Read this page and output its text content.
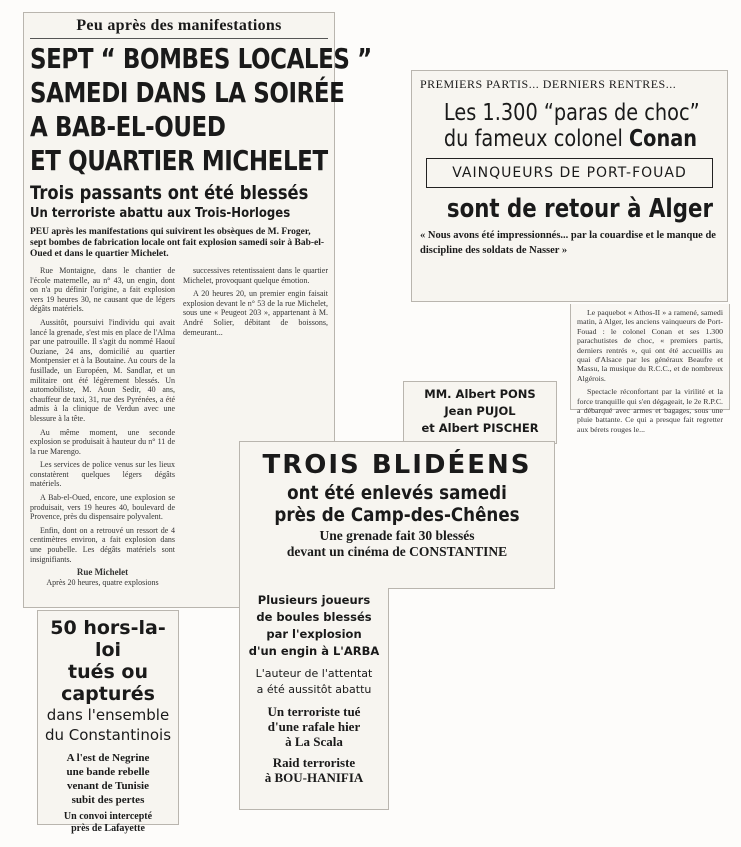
Peu après des manifestations
SEPT “ BOMBES LOCALES ”
SAMEDI DANS LA SOIRÉE
A BAB-EL-OUED
ET QUARTIER MICHELET
Trois passants ont été blessés
Un terroriste abattu aux Trois-Horloges
PEU après les manifestations qui suivirent les obsèques de M. Froger, sept bombes de fabrication locale ont fait explosion samedi soir à Bab-el-Oued et dans le quartier Michelet.

Rue Montaigne, dans le chantier de l'école maternelle, au n° 43, un engin, dont on n'a pu définir l'origine, a fait explosion vers 19 heures 30, ne causant que de légers dégâts matériels.

Aussitôt, poursuivi l'individu qui avait lancé la grenade, s'est mis en place de l'Alma par une patrouille. Il s'agit du nommé Haouï Ouziane, 24 ans, domicilié au quartier Montpensier et à la Boutaine. Au cours de la fusillade, un Européen, M. Sandlar, et un militaire ont été légèrement blessés. Un automobiliste, M. Aoun Sedir, 40 ans, chauffeur de taxi, 31, rue des Pyrénées, a été admis à la clinique de Verdun avec une blessure à la tête.

Au même moment, une seconde explosion se produisait à hauteur du n° 11 de la rue Marengo.

Les services de police venus sur les lieux constatèrent quelques légers dégâts matériels.

A Bab-el-Oued, encore, une explosion se produisait, vers 19 heures 40, boulevard de Provence, près du dispensaire polyvalent.

Enfin, dont on a retrouvé un ressort de 4 centimètres environ, a fait explosion dans une poubelle. Les dégâts matériels sont insignifiants.

Rue Michelet
Après 20 heures, quatre explosions

successives retentissaient dans le quartier Michelet, provoquant quelque émotion.

A 20 heures 20, un premier engin faisait explosion devant le n° 53 de la rue Michelet, sous une « Peugeot 203 », appartenant à M. André Solier, débitant de boissons, demeurant...

50 hors-la-loi
tués ou capturés
dans l'ensemble
du Constantinois
A l'est de Negrine
une bande rebelle
venant de Tunisie
subit des pertes
Un convoi intercepté
près de Lafayette
PREMIERS PARTIS... DERNIERS RENTRES...
Les 1.300 “paras de choc”
du fameux colonel Conan
VAINQUEURS DE PORT-FOUAD
sont de retour à Alger
« Nous avons été impressionnés... par la couardise et le manque de discipline des soldats de Nasser »

Le paquebot « Athos-II » a ramené, samedi matin, à Alger, les anciens vainqueurs de Port-Fouad : le colonel Conan et ses 1.300 parachutistes de choc, « premiers partis, derniers rentrés », qui ont été accueillis au quai d'Alsace par les généraux Beaufre et Massu, la musique du R.C.C., et de nombreux Algérois.

Spectacle réconfortant par la virilité et la force tranquille qui s'en dégageait, le 2e R.P.C. a débarqué avec armes et bagages, sous une pluie battante. Ce qui a presque fait regretter aux bérets rouges le...

MM. Albert PONS
Jean PUJOL
et Albert PISCHER
TROIS BLIDÉENS
ont été enlevés samedi
près de Camp-des-Chênes
Une grenade fait 30 blessés
devant un cinéma de CONSTANTINE
Plusieurs joueurs
de boules blessés
par l'explosion
d'un engin à L'ARBA
L'auteur de l'attentat
a été aussitôt abattu
Un terroriste tué
d'une rafale hier
à La Scala
Raid terroriste
à BOU-HANIFIA
